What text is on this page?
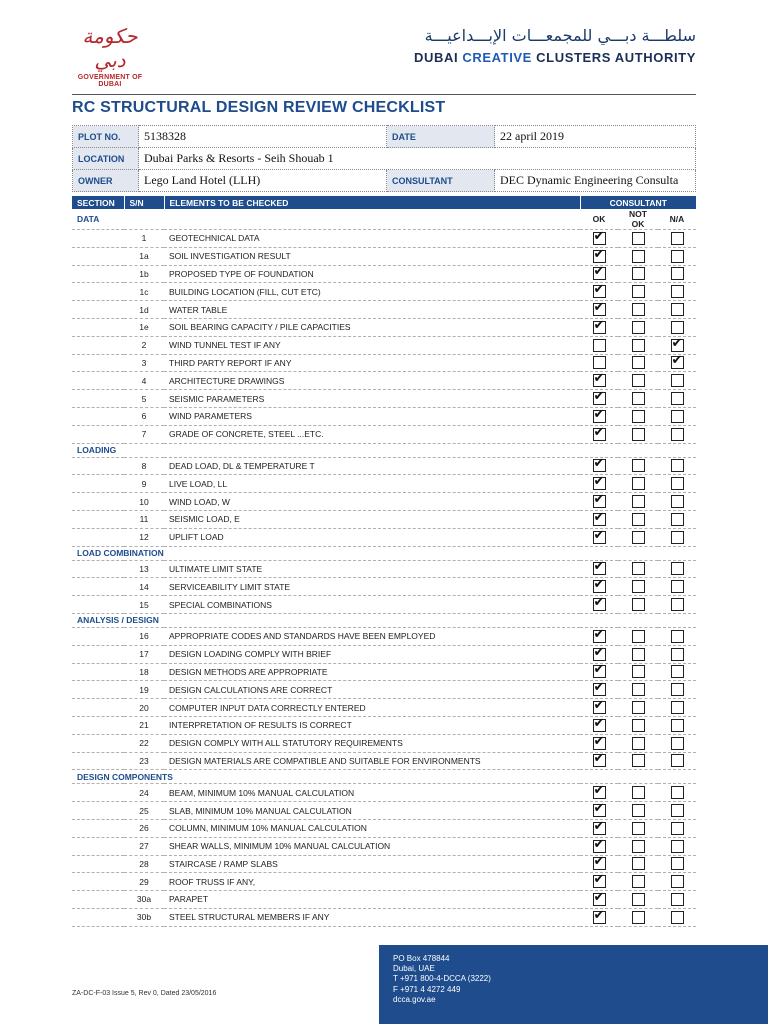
حكومة دبي
GOVERNMENT OF DUBAI
سلطـــة دبـــي للمجمعـــات الإبـــداعيـــة
DUBAI CREATIVE CLUSTERS AUTHORITY
RC STRUCTURAL DESIGN REVIEW CHECKLIST
PLOT NO.	5138328	DATE	22 april 2019
LOCATION	Dubai Parks & Resorts - Seih Shouab 1		
OWNER	Lego Land Hotel (LLH)	CONSULTANT	DEC Dynamic Engineering Consulta
SECTION	S/N	ELEMENTS TO BE CHECKED	CONSULTANT		
DATA			OK	NOT OK	N/A
	1	GEOTECHNICAL DATA	✔		

	1a	SOIL INVESTIGATION RESULT	✔		

	1b	PROPOSED TYPE OF FOUNDATION	✔		

	1c	BUILDING LOCATION (FILL, CUT ETC)	✔		

	1d	WATER TABLE	✔		

	1e	SOIL BEARING CAPACITY / PILE CAPACITIES	✔		

	2	WIND TUNNEL TEST IF ANY			✔

	3	THIRD PARTY REPORT IF ANY			✔

	4	ARCHITECTURE DRAWINGS	✔		

	5	SEISMIC PARAMETERS	✔		

	6	WIND PARAMETERS	✔		

	7	GRADE OF CONCRETE, STEEL ...ETC.	✔		

LOADING					
	8	DEAD LOAD, DL & TEMPERATURE T	✔		

	9	LIVE LOAD, LL	✔		

	10	WIND LOAD, W	✔		

	11	SEISMIC LOAD, E	✔		

	12	UPLIFT LOAD	✔		

LOAD COMBINATION					
	13	ULTIMATE LIMIT STATE	✔		

	14	SERVICEABILITY LIMIT STATE	✔		

	15	SPECIAL COMBINATIONS	✔		

ANALYSIS / DESIGN					
	16	APPROPRIATE CODES AND STANDARDS HAVE BEEN EMPLOYED	✔		

	17	DESIGN LOADING COMPLY WITH BRIEF	✔		

	18	DESIGN METHODS ARE APPROPRIATE	✔		

	19	DESIGN CALCULATIONS ARE CORRECT	✔		

	20	COMPUTER INPUT DATA CORRECTLY ENTERED	✔		

	21	INTERPRETATION OF RESULTS IS CORRECT	✔		

	22	DESIGN COMPLY WITH ALL STATUTORY REQUIREMENTS	✔		

	23	DESIGN MATERIALS ARE COMPATIBLE AND SUITABLE FOR ENVIRONMENTS	✔		

DESIGN COMPONENTS					
	24	BEAM, MINIMUM 10% MANUAL CALCULATION	✔		

	25	SLAB, MINIMUM 10% MANUAL CALCULATION	✔		

	26	COLUMN, MINIMUM 10% MANUAL CALCULATION	✔		

	27	SHEAR WALLS, MINIMUM 10% MANUAL CALCULATION	✔		

	28	STAIRCASE / RAMP SLABS	✔		

	29	ROOF TRUSS IF ANY,	✔		

	30a	PARAPET	✔		

	30b	STEEL STRUCTURAL MEMBERS IF ANY	✔		

ZA-DC-F-03 Issue 5, Rev 0, Dated 23/05/2016
PO Box 478844
Dubai, UAE
T +971 800-4-DCCA (3222)
F +971 4 4272 449
dcca.gov.ae
